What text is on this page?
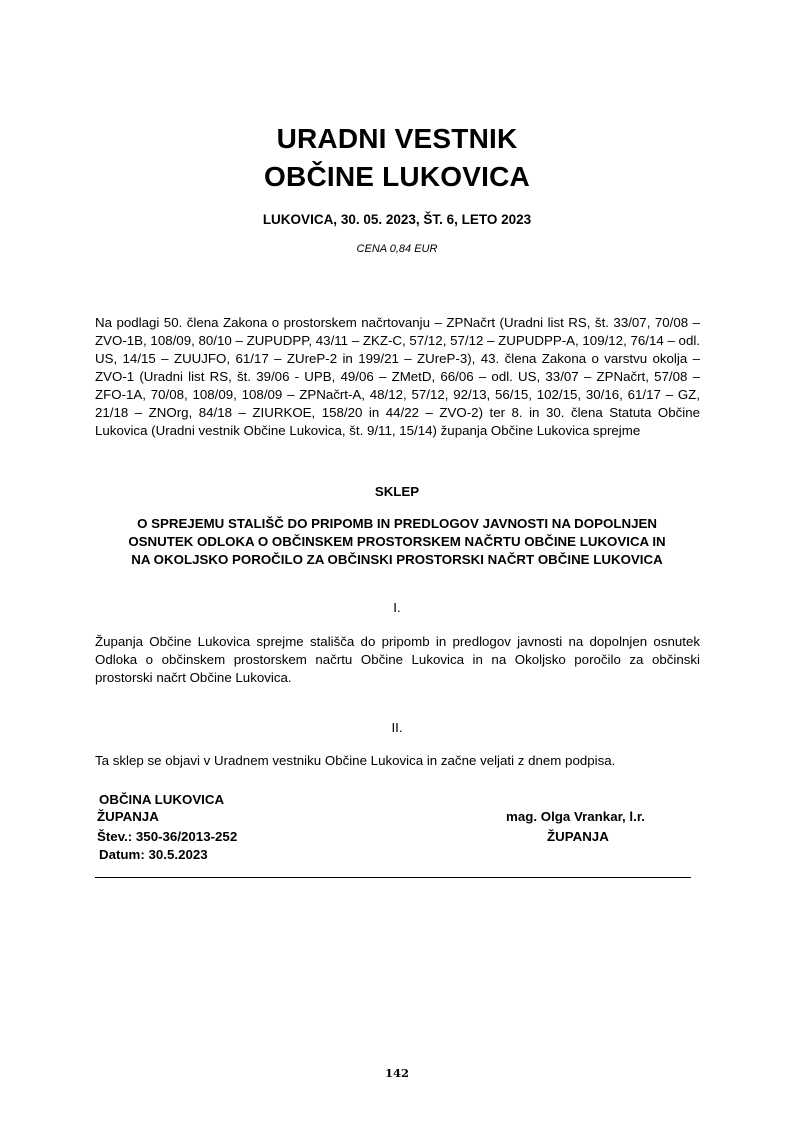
URADNI VESTNIK
OBČINE LUKOVICA
LUKOVICA, 30. 05. 2023, ŠT. 6, LETO 2023
CENA 0,84 EUR
Na podlagi 50. člena Zakona o prostorskem načrtovanju – ZPNačrt (Uradni list RS, št. 33/07, 70/08 – ZVO-1B, 108/09, 80/10 – ZUPUDPP, 43/11 – ZKZ-C, 57/12, 57/12 – ZUPUDPP-A, 109/12, 76/14 – odl. US, 14/15 – ZUUJFO, 61/17 – ZUreP-2 in 199/21 – ZUreP-3), 43. člena Zakona o varstvu okolja – ZVO-1 (Uradni list RS, št. 39/06 - UPB, 49/06 – ZMetD, 66/06 – odl. US, 33/07 – ZPNačrt, 57/08 – ZFO-1A, 70/08, 108/09, 108/09 – ZPNačrt-A, 48/12, 57/12, 92/13, 56/15, 102/15, 30/16, 61/17 – GZ, 21/18 – ZNOrg, 84/18 – ZIURKOE, 158/20 in 44/22 – ZVO-2) ter 8. in 30. člena Statuta Občine Lukovica (Uradni vestnik Občine Lukovica, št. 9/11, 15/14) županja Občine Lukovica sprejme
SKLEP
O SPREJEMU STALIŠČ DO PRIPOMB IN PREDLOGOV JAVNOSTI NA DOPOLNJEN
OSNUTEK ODLOKA O OBČINSKEM PROSTORSKEM NAČRTU OBČINE LUKOVICA IN
NA OKOLJSKO POROČILO ZA OBČINSKI PROSTORSKI NAČRT OBČINE LUKOVICA
I.
Županja Občine Lukovica sprejme stališča do pripomb in predlogov javnosti na dopolnjen osnutek Odloka o občinskem prostorskem načrtu Občine Lukovica in na Okoljsko poročilo za občinski prostorski načrt Občine Lukovica.
II.
Ta sklep se objavi v Uradnem vestniku Občine Lukovica in začne veljati z dnem podpisa.
OBČINA LUKOVICA
ŽUPANJA
Štev.: 350-36/2013-252
Datum: 30.5.2023
mag. Olga Vrankar, l.r.
ŽUPANJA
142
